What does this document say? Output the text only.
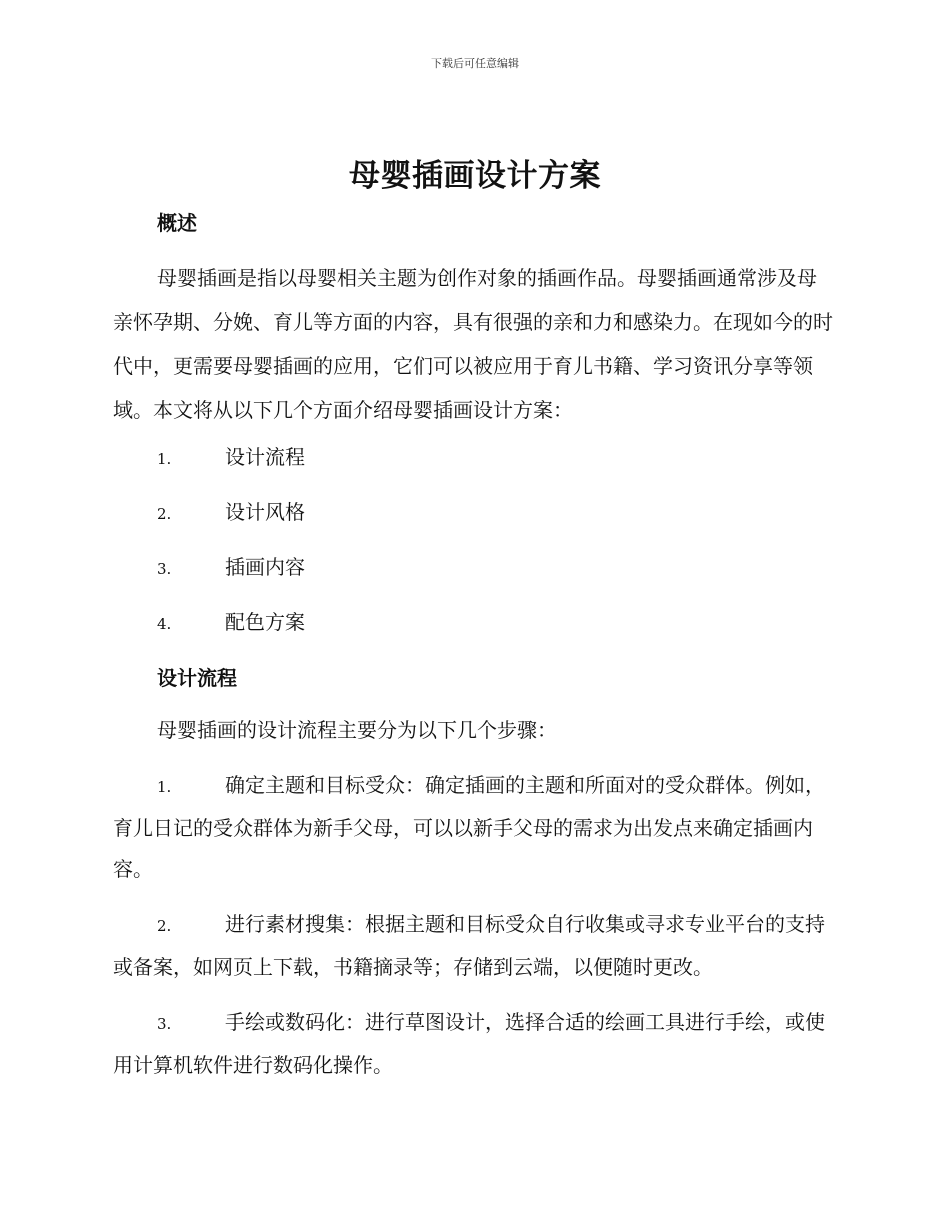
下载后可任意编辑
母婴插画设计方案
概述
母婴插画是指以母婴相关主题为创作对象的插画作品。母婴插画通常涉及母亲怀孕期、分娩、育儿等方面的内容，具有很强的亲和力和感染力。在现如今的时代中，更需要母婴插画的应用，它们可以被应用于育儿书籍、学习资讯分享等领域。本文将从以下几个方面介绍母婴插画设计方案：
1.	设计流程
2.	设计风格
3.	插画内容
4.	配色方案
设计流程
母婴插画的设计流程主要分为以下几个步骤：
1.	确定主题和目标受众：确定插画的主题和所面对的受众群体。例如，育儿日记的受众群体为新手父母，可以以新手父母的需求为出发点来确定插画内容。
2.	进行素材搜集：根据主题和目标受众自行收集或寻求专业平台的支持或备案，如网页上下载，书籍摘录等；存储到云端，以便随时更改。
3.	手绘或数码化：进行草图设计，选择合适的绘画工具进行手绘，或使用计算机软件进行数码化操作。
